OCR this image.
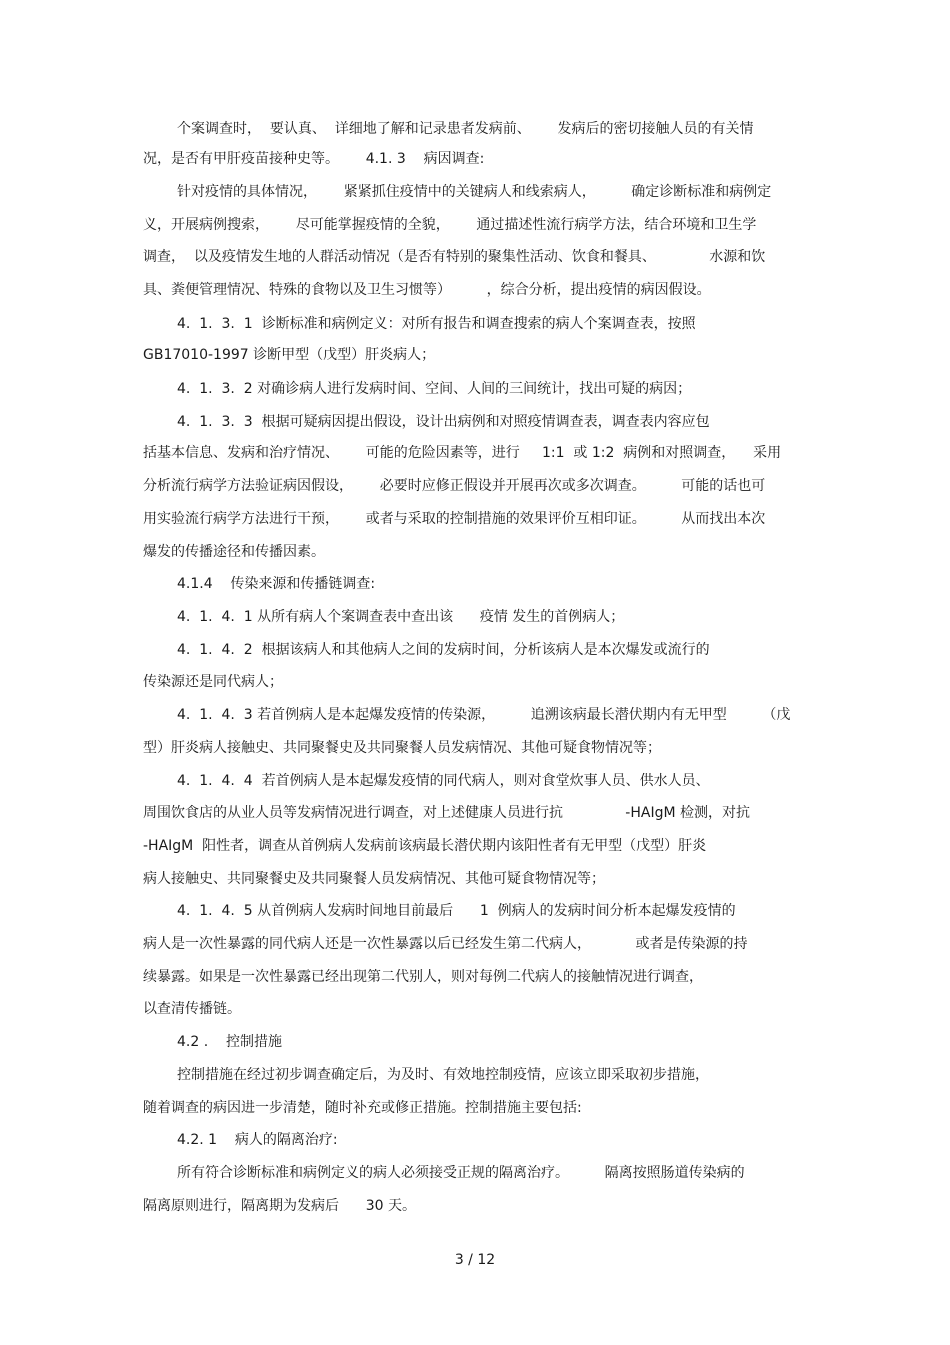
个案调查时，  要认真、  详细地了解和记录患者发病前、      发病后的密切接触人员的有关情
况，是否有甲肝疫苗接种史等。      4.1. 3    病因调查:
针对疫情的具体情况，      紧紧抓住疫情中的关键病人和线索病人，        确定诊断标准和病例定
义，开展病例搜索，      尽可能掌握疫情的全貌，      通过描述性流行病学方法，结合环境和卫生学
调查，  以及疫情发生地的人群活动情况（是否有特别的聚集性活动、饮食和餐具、            水源和饮
具、粪便管理情况、特殊的食物以及卫生习惯等）        ，综合分析，提出疫情的病因假设。
4.  1.  3.  1  诊断标准和病例定义：对所有报告和调查搜索的病人个案调查表，按照
GB17010-1997 诊断甲型（戊型）肝炎病人；
4.  1.  3.  2 对确诊病人进行发病时间、空间、人间的三间统计，找出可疑的病因；
4.  1.  3.  3  根据可疑病因提出假设，设计出病例和对照疫情调查表，调查表内容应包
括基本信息、发病和治疗情况、      可能的危险因素等，进行     1:1  或 1:2  病例和对照调查，    采用
分析流行病学方法验证病因假设，      必要时应修正假设并开展再次或多次调查。        可能的话也可
用实验流行病学方法进行干预，      或者与采取的控制措施的效果评价互相印证。        从而找出本次
爆发的传播途径和传播因素。
4.1.4    传染来源和传播链调查:
4.  1.  4.  1 从所有病人个案调查表中查出该      疫情 发生的首例病人；
4.  1.  4.  2  根据该病人和其他病人之间的发病时间，分析该病人是本次爆发或流行的
传染源还是同代病人；
4.  1.  4.  3 若首例病人是本起爆发疫情的传染源，        追溯该病最长潜伏期内有无甲型        （戊
型）肝炎病人接触史、共同聚餐史及共同聚餐人员发病情况、其他可疑食物情况等；
4.  1.  4.  4  若首例病人是本起爆发疫情的同代病人，则对食堂炊事人员、供水人员、
周围饮食店的从业人员等发病情况进行调查，对上述健康人员进行抗              -HAIgM 检测，对抗
-HAIgM  阳性者，调查从首例病人发病前该病最长潜伏期内该阳性者有无甲型（戊型）肝炎
病人接触史、共同聚餐史及共同聚餐人员发病情况、其他可疑食物情况等；
4.  1.  4.  5 从首例病人发病时间地目前最后      1  例病人的发病时间分析本起爆发疫情的
病人是一次性暴露的同代病人还是一次性暴露以后已经发生第二代病人，          或者是传染源的持
续暴露。如果是一次性暴露已经出现第二代别人，则对每例二代病人的接触情况进行调查，
以查清传播链。
4.2 .    控制措施
控制措施在经过初步调查确定后，为及时、有效地控制疫情，应该立即采取初步措施，
随着调查的病因进一步清楚，随时补充或修正措施。控制措施主要包括:
4.2. 1    病人的隔离治疗:
所有符合诊断标准和病例定义的病人必须接受正规的隔离治疗。        隔离按照肠道传染病的
隔离原则进行，隔离期为发病后      30 天。
3 / 12
